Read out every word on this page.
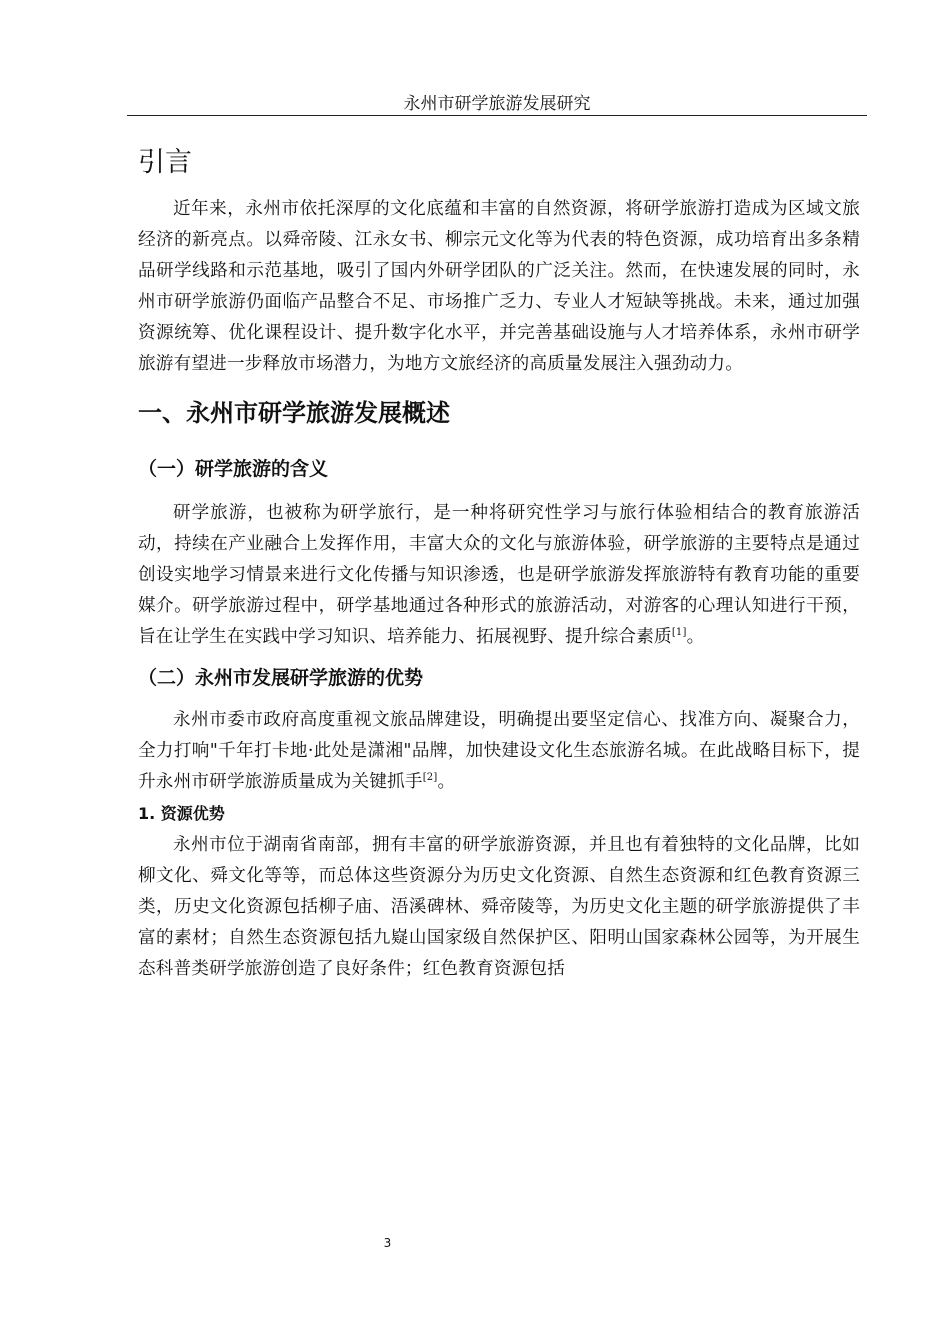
永州市研学旅游发展研究
引言

近年来，永州市依托深厚的文化底蕴和丰富的自然资源，将研学旅游打造成为区域文旅经济的新亮点。以舜帝陵、江永女书、柳宗元文化等为代表的特色资源，成功培育出多条精品研学线路和示范基地，吸引了国内外研学团队的广泛关注。然而，在快速发展的同时，永州市研学旅游仍面临产品整合不足、市场推广乏力、专业人才短缺等挑战。未来，通过加强资源统筹、优化课程设计、提升数字化水平，并完善基础设施与人才培养体系，永州市研学旅游有望进一步释放市场潜力，为地方文旅经济的高质量发展注入强劲动力。

一、永州市研学旅游发展概述
（一）研学旅游的含义

研学旅游，也被称为研学旅行，是一种将研究性学习与旅行体验相结合的教育旅游活动，持续在产业融合上发挥作用，丰富大众的文化与旅游体验，研学旅游的主要特点是通过创设实地学习情景来进行文化传播与知识渗透，也是研学旅游发挥旅游特有教育功能的重要媒介。研学旅游过程中，研学基地通过各种形式的旅游活动，对游客的心理认知进行干预，旨在让学生在实践中学习知识、培养能力、拓展视野、提升综合素质[1]。

（二）永州市发展研学旅游的优势

永州市委市政府高度重视文旅品牌建设，明确提出要坚定信心、找准方向、凝聚合力，全力打响"千年打卡地·此处是潇湘"品牌，加快建设文化生态旅游名城。在此战略目标下，提升永州市研学旅游质量成为关键抓手[2]。

1. 资源优势

永州市位于湖南省南部，拥有丰富的研学旅游资源，并且也有着独特的文化品牌，比如柳文化、舜文化等等，而总体这些资源分为历史文化资源、自然生态资源和红色教育资源三类，历史文化资源包括柳子庙、浯溪碑林、舜帝陵等，为历史文化主题的研学旅游提供了丰富的素材；自然生态资源包括九嶷山国家级自然保护区、阳明山国家森林公园等，为开展生态科普类研学旅游创造了良好条件；红色教育资源包括

3
